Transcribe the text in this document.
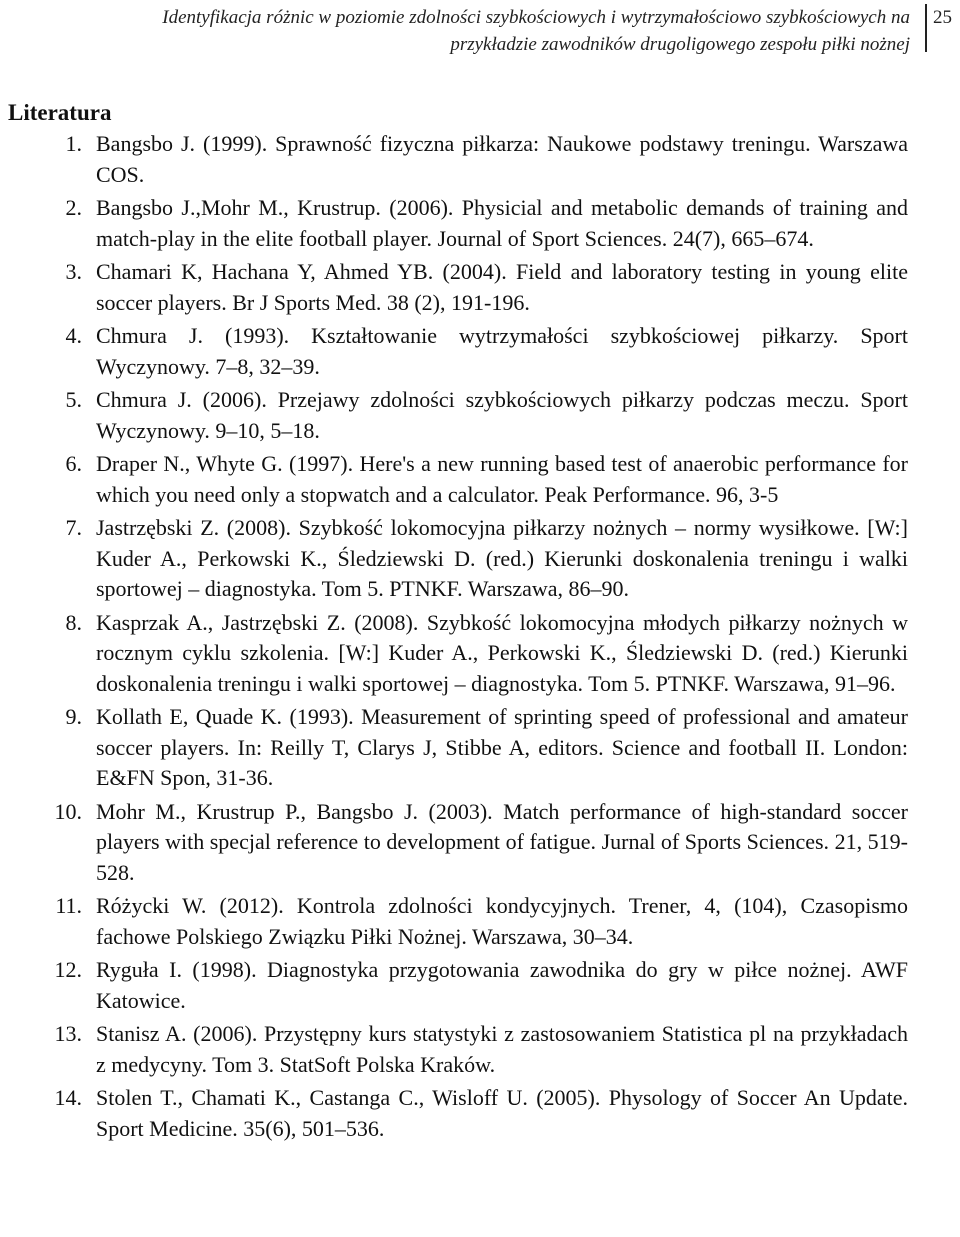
Identyfikacja różnic w poziomie zdolności szybkościowych i wytrzymałościowo szybkościowych na
przykładzie zawodników drugoligowego zespołu piłki nożnej
25
Literatura
1. Bangsbo J. (1999). Sprawność fizyczna piłkarza: Naukowe podstawy treningu. Warszawa COS.
2. Bangsbo J.,Mohr M., Krustrup. (2006). Physicial and metabolic demands of training and match-play in the elite football player. Journal of Sport Sciences. 24(7), 665–674.
3. Chamari K, Hachana Y, Ahmed YB. (2004). Field and laboratory testing in young elite soccer players. Br J Sports Med. 38 (2), 191-196.
4. Chmura J. (1993). Kształtowanie wytrzymałości szybkościowej piłkarzy. Sport Wyczynowy. 7–8, 32–39.
5. Chmura J. (2006). Przejawy zdolności szybkościowych piłkarzy podczas meczu. Sport Wyczynowy. 9–10, 5–18.
6. Draper N., Whyte G. (1997). Here's a new running based test of anaerobic performance for which you need only a stopwatch and a calculator. Peak Performance. 96, 3-5
7. Jastrzębski Z. (2008). Szybkość lokomocyjna piłkarzy nożnych – normy wysiłkowe. [W:] Kuder A., Perkowski K., Śledziewski D. (red.) Kierunki doskonalenia treningu i walki sportowej – diagnostyka. Tom 5. PTNKF. Warszawa, 86–90.
8. Kasprzak A., Jastrzębski Z. (2008). Szybkość lokomocyjna młodych piłkarzy nożnych w rocznym cyklu szkolenia. [W:] Kuder A., Perkowski K., Śledziewski D. (red.) Kierunki doskonalenia treningu i walki sportowej – diagnostyka. Tom 5. PTNKF. Warszawa, 91–96.
9. Kollath E, Quade K. (1993). Measurement of sprinting speed of professional and amateur soccer players. In: Reilly T, Clarys J, Stibbe A, editors. Science and football II. London: E&FN Spon, 31-36.
10. Mohr M., Krustrup P., Bangsbo J. (2003). Match performance of high-standard soccer players with specjal reference to development of fatigue. Jurnal of Sports Sciences. 21, 519-528.
11. Różycki W. (2012). Kontrola zdolności kondycyjnych. Trener, 4, (104), Czasopismo fachowe Polskiego Związku Piłki Nożnej. Warszawa, 30–34.
12. Ryguła I. (1998). Diagnostyka przygotowania zawodnika do gry w piłce nożnej. AWF Katowice.
13. Stanisz A. (2006). Przystępny kurs statystyki z zastosowaniem Statistica pl na przykładach z medycyny. Tom 3. StatSoft Polska Kraków.
14. Stolen T., Chamati K., Castanga C., Wisloff U. (2005). Physology of Soccer An Update. Sport Medicine. 35(6), 501–536.
